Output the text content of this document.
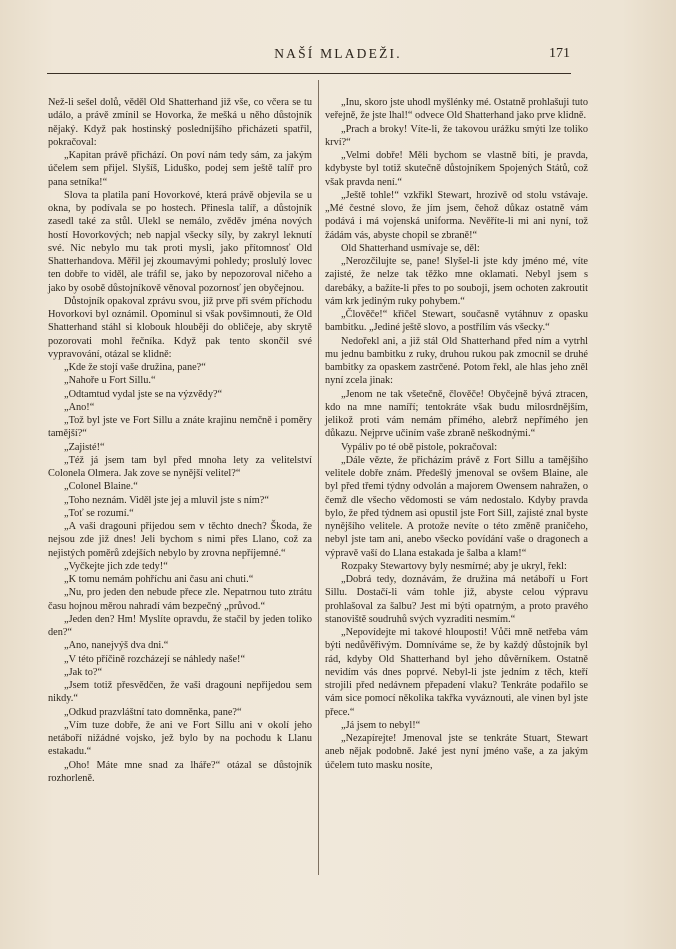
NAŠÍ MLADEŽI.	171

Než-li sešel dolů, věděl Old Shatterhand již vše, co včera se tu událo, a právě zmínil se Hovorka, že mešká u něho důstojník nějaký. Když pak hostinský posledníjšího přicházeti spatřil, pokračoval:

„Kapitan právě přichází. On poví nám tedy sám, za jakým účelem sem přijel. Slyšíš, Liduško, podej sem ještě talíř pro pana setníka!“

Slova ta platila paní Hovorkové, která právě objevila se u okna, by podívala se po hostech. Přinesla talíř, a důstojník zasedl také za stůl. Ulekl se nemálo, zvěděv jména nových hostí Hovorkových; neb napjal všecky síly, by zakryl leknutí své. Nic nebylo mu tak proti mysli, jako přítomnosť Old Shatterhandova. Měřil jej zkoumavými pohledy; proslulý lovec ten dobře to viděl, ale tráfil se, jako by nepozoroval ničeho a jako by osobě důstojníkově věnoval pozornosť jen obyčejnou.

Důstojník opakoval zprávu svou, již prve při svém příchodu Hovorkovi byl oznámil. Opominul si však povšimnouti, že Old Shatterhand stáhl si klobouk hlouběji do obličeje, aby skrytě pozorovati mohl řečníka. Když pak tento skončil své vypravování, otázal se klidně:

„Kde že stojí vaše družina, pane?“

„Nahoře u Fort Sillu.“

„Odtamtud vydal jste se na výzvědy?“

„Ano!“

„Tož byl jste ve Fort Sillu a znáte krajinu nemčně i poměry tamější?“

„Zajisté!“

„Též já jsem tam byl před mnoha lety za velitelství Colonela Olmera. Jak zove se nynější velitel?“

„Colonel Blaine.“

„Toho neznám. Viděl jste jej a mluvil jste s ním?“

„Toť se rozumí.“

„A vaši dragouni přijedou sem v těchto dnech? Škoda, že nejsou zde již dnes! Jeli bychom s nimi přes Llano, což za nejistých poměrů zdejších nebylo by zrovna nepříjemné.“

„Vyčkejte jich zde tedy!“

„K tomu nemám pohříchu ani času ani chuti.“

„Nu, pro jeden den nebude přece zle. Nepatrnou tuto ztrátu času hojnou měrou nahradí vám bezpečný „průvod.“

„Jeden den? Hm! Myslíte opravdu, že stačil by jeden toliko den?“

„Ano, nanejvýš dva dni.“

„V této příčině rozcházejí se náhledy naše!“

„Jak to?“

„Jsem totiž přesvědčen, že vaši dragouni nepřijedou sem nikdy.“

„Odkud prazvláštní tato domněnka, pane?“

„Vím tuze dobře, že ani ve Fort Sillu ani v okolí jeho netáboří nižádné vojsko, jež bylo by na pochodu k Llanu estakadu.“

„Oho! Máte mne snad za lháře?“ otázal se důstojník rozhorleně.

„Inu, skoro jste uhodl myšlénky mé. Ostatně prohlašuji tuto veřejně, že jste lhal!“ odvece Old Shatterhand jako prve klidně.

„Prach a broky! Víte-li, že takovou urážku smýti lze toliko krví?“

„Velmi dobře! Měli bychom se vlastně bíti, je pravda, kdybyste byl totiž skutečně důstojníkem Spojených Států, což však pravda není.“

„Ještě tohle!“ vzkřikl Stewart, hrozivě od stolu vstávaje. „Mé čestné slovo, že jím jsem, čehož důkaz ostatně vám podává i má vojenská uniforma. Nevěříte-li mi ani nyní, tož žádám vás, abyste chopil se zbraně!“

Old Shatterhand usmívaje se, děl:

„Nerozčilujte se, pane! Slyšel-li jste kdy jméno mé, víte zajisté, že nelze tak těžko mne oklamati. Nebyl jsem s darebáky, a bažíte-li přes to po souboji, jsem ochoten zakroutit vám krk jediným ruky pohybem.“

„Člověče!“ křičel Stewart, současně vytáhnuv z opasku bambitku. „Jediné ještě slovo, a postřílím vás všecky.“

Nedořekl ani, a již stál Old Shatterhand před ním a vytrhl mu jednu bambitku z ruky, druhou rukou pak zmocnil se druhé bambitky za opaskem zastrčené. Potom řekl, ale hlas jeho zněl nyní zcela jinak:

„Jenom ne tak všetečně, člověče! Obyčejně bývá ztracen, kdo na mne namíří; tentokráte však budu milosrdnějším, jelikož proti vám nemám přímého, alebrž nepřímého jen důkazu. Nejprve učiním vaše zbraně neškodnými.“

Vypáliv po té obě pistole, pokračoval:

„Dále vězte, že přicházím právě z Fort Sillu a tamějšího velitele dobře znám. Předešlý jmenoval se ovšem Blaine, ale byl před třemi týdny odvolán a majorem Owensem nahražen, o čemž dle všecho vědomosti se vám nedostalo. Kdyby pravda bylo, že před týdnem asi opustil jste Fort Sill, zajisté znal byste nynějšího velitele. A protože nevíte o této změně praničeho, nebyl jste tam ani, anebo všecko povídání vaše o dragonech a výpravě vaší do Llana estakada je šalba a klam!“

Rozpaky Stewartovy byly nesmírné; aby je ukryl, řekl:

„Dobrá tedy, doznávám, že družina má netáboří u Fort Sillu. Dostačí-li vám tohle již, abyste celou výpravu prohlašoval za šalbu? Jest mi býti opatrným, a proto pravého stanoviště soudruhů svých vyzraditi nesmím.“

„Nepovídejte mi takové hlouposti! Vůči mně netřeba vám býti nedůvěřivým. Domníváme se, že by každý důstojník byl rád, kdyby Old Shatterhand byl jeho důvěrníkem. Ostatně nevidím vás dnes poprvé. Nebyl-li jste jedním z těch, kteří strojili před nedávnem přepadení vlaku? Tenkráte podařilo se vám sice pomocí několika takřka vyváznouti, ale vinen byl jste přece.“

„Já jsem to nebyl!“

„Nezapírejte! Jmenoval jste se tenkráte Stuart, Stewart aneb nějak podobně. Jaké jest nyní jméno vaše, a za jakým účelem tuto masku nosíte,
